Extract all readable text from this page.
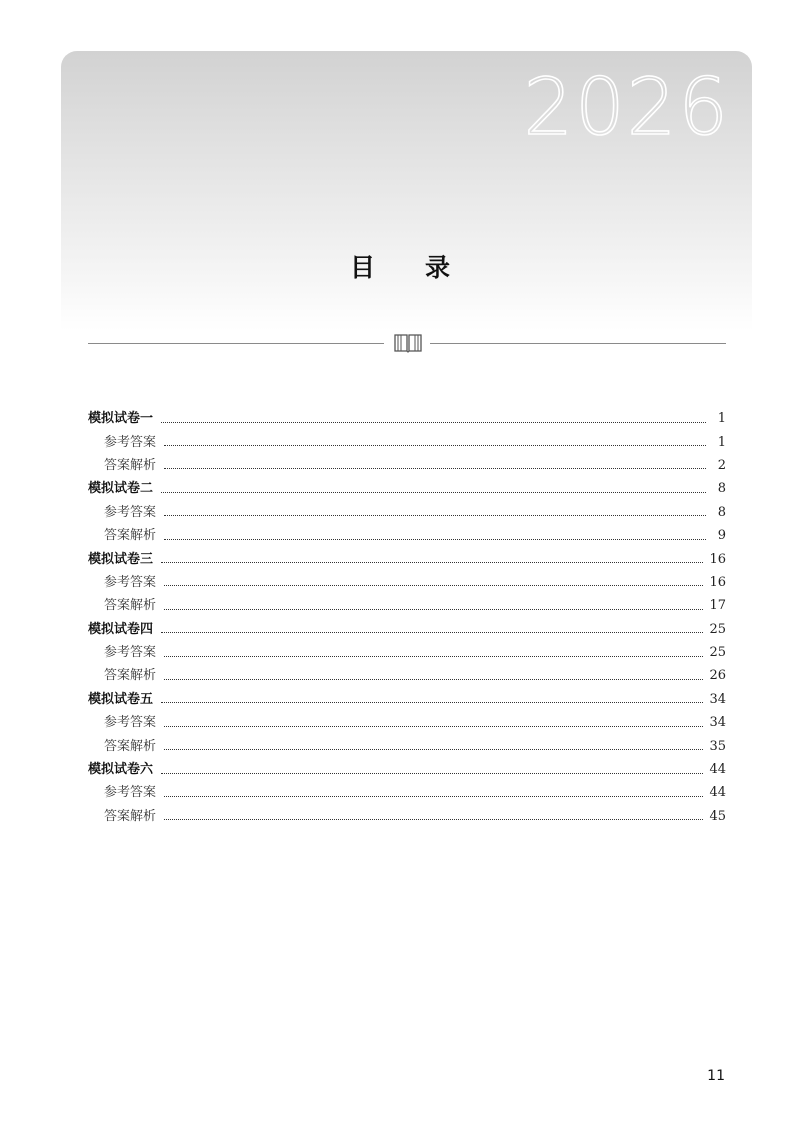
2026
目 录
模拟试卷一	1
参考答案	1
答案解析	2
模拟试卷二	8
参考答案	8
答案解析	9
模拟试卷三	16
参考答案	16
答案解析	17
模拟试卷四	25
参考答案	25
答案解析	26
模拟试卷五	34
参考答案	34
答案解析	35
模拟试卷六	44
参考答案	44
答案解析	45
11
